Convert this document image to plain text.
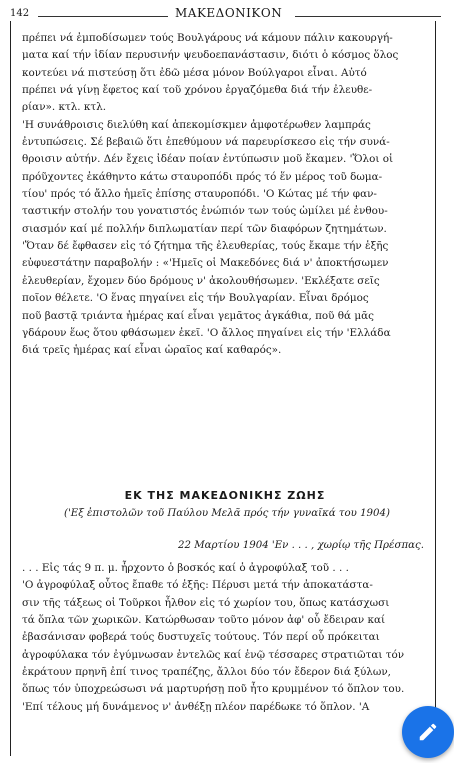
142	ΜΑΚΕΔΟΝΙΚΟΝ
πρέπει νά ἐμποδίσωμεν τούς Βουλγάρους νά κάμουν πάλιν κακουργή-
ματα καί τήν ἰδίαν περυσινήν ψευδοεπανάστασιν, διότι ὁ κόσμος ὅλος
κοντεύει νά πιστεύσῃ ὅτι ἐδῶ μέσα μόνον Βούλγαροι εἶναι. Αὐτό
πρέπει νά γίνῃ ἔφετος καί τοῦ χρόνου ἐργαζόμεθα διά τήν ἐλευθε-
ρίαν». κτλ. κτλ.
'Η συνάθροισις διελύθη καί ἀπεκομίσκμεν ἀμφοτέρωθεν λαμπράς
ἐντυπώσεις. Σέ βεβαιῶ ὅτι ἐπεθύμουν νά παρευρίσκεσο εἰς τήν συνά-
θροισιν αὐτήν. Δέν ἔχεις ἰδέαν ποίαν ἐντύπωσιν μοῦ ἔκαμεν. 'Ὅλοι οἱ
πρόῦχοντες ἐκάθηντο κάτω σταυροπόδι πρός τό ἕν μέρος τοῦ δωμα-
τίου' πρός τό ἄλλο ἡμεῖς ἐπίσης σταυροπόδι. 'Ο Κώτας μέ τήν φαν-
ταστικήν στολήν του γονατιστός ἐνώπιόν των τούς ὡμίλει μέ ἐνθου-
σιασμόν καί μέ πολλήν διπλωματίαν περί τῶν διαφόρων ζητημάτων.
'Ὅταν δέ ἔφθασεν εἰς τό ζήτημα τῆς ἐλευθερίας, τούς ἔκαμε τήν ἑξῆς
εὐφυεστάτην παραβολήν : «'Ημεῖς οἱ Μακεδόνες διά ν' ἀποκτήσωμεν
ἐλευθερίαν, ἔχομεν δύο δρόμους ν' ἀκολουθήσωμεν. 'Εκλέξατε σεῖς
ποῖον θέλετε. 'Ο ἕνας πηγαίνει εἰς τήν Βουλγαρίαν. Εἶναι δρόμος
ποῦ βαστᾷ τριάντα ἡμέρας καί εἶναι γεμᾶτος ἀγκάθια, ποῦ θά μᾶς
γδάρουν ἕως ὅτου φθάσωμεν ἐκεῖ. 'Ο ἄλλος πηγαίνει εἰς τήν 'Ελλάδα
διά τρεῖς ἡμέρας καί εἶναι ὡραῖος καί καθαρός».
ΕΚ ΤΗΣ ΜΑΚΕΔΟΝΙΚΗΣ ΖΩΗΣ
('Εξ ἐπιστολῶν τοῦ Παύλου Μελᾶ πρός τήν γυναῖκά του 1904)
22 Μαρτίου 1904 'Εν . . . , χωρίῳ τῆς Πρέσπας.
. . . Εἰς τάς 9 π. μ. ἦρχοντο ὁ βοσκός καί ὁ ἀγροφύλαξ τοῦ . . .
'Ο ἀγροφύλαξ οὗτος ἔπαθε τό ἑξῆς: Πέρυσι μετά τήν ἀποκατάστα-
σιν τῆς τάξεως οἱ Τοῦρκοι ἦλθον εἰς τό χωρίον του, ὅπως κατάσχωσι
τά ὅπλα τῶν χωρικῶν. Κατώρθωσαν τοῦτο μόνον ἀφ' οὗ ἔδειραν καί
ἐβασάνισαν φοβερά τούς δυστυχεῖς τούτους. Τόν περί οὗ πρόκειται
ἀγροφύλακα τόν ἐγύμνωσαν ἐντελῶς καί ἐνῷ τέσσαρες στρατιῶται τόν
ἐκράτουν πρηνῆ ἐπί τινος τραπέζης, ἄλλοι δύο τόν ἔδερον διά ξύλων,
ὅπως τόν ὑποχρεώσωσι νά μαρτυρήσῃ ποῦ ἦτο κρυμμένον τό ὅπλον του.
'Επί τέλους μή δυνάμενος ν' ἀνθέξῃ πλέον παρέδωκε τό ὅπλον. 'Α
